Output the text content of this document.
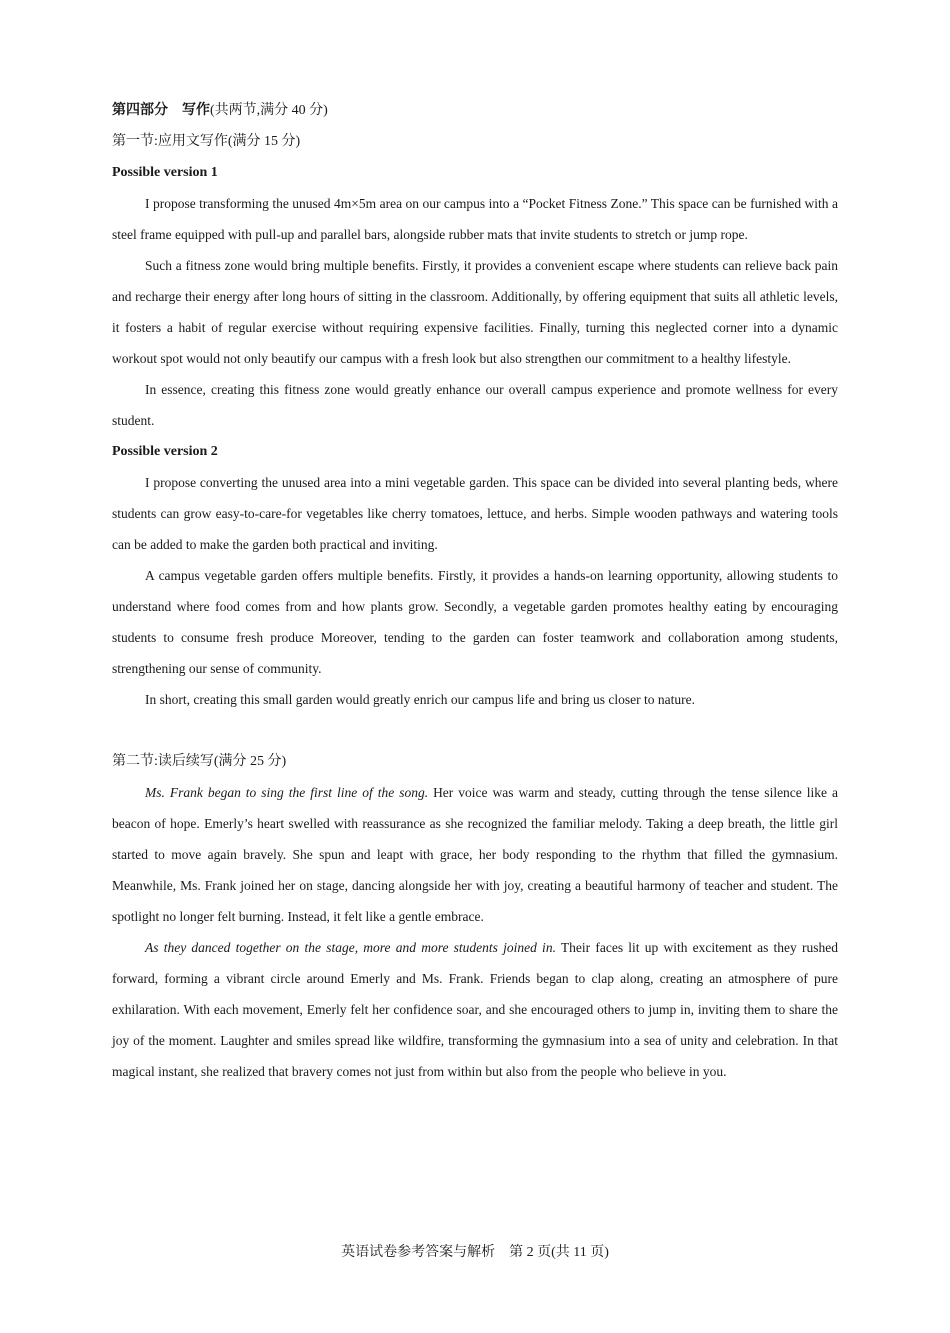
第四部分　写作(共两节,满分 40 分)
第一节:应用文写作(满分 15 分)
Possible version 1

I propose transforming the unused 4m×5m area on our campus into a “Pocket Fitness Zone.” This space can be furnished with a steel frame equipped with pull-up and parallel bars, alongside rubber mats that invite students to stretch or jump rope.

Such a fitness zone would bring multiple benefits. Firstly, it provides a convenient escape where students can relieve back pain and recharge their energy after long hours of sitting in the classroom. Additionally, by offering equipment that suits all athletic levels, it fosters a habit of regular exercise without requiring expensive facilities. Finally, turning this neglected corner into a dynamic workout spot would not only beautify our campus with a fresh look but also strengthen our commitment to a healthy lifestyle.

In essence, creating this fitness zone would greatly enhance our overall campus experience and promote wellness for every student.

Possible version 2

I propose converting the unused area into a mini vegetable garden. This space can be divided into several planting beds, where students can grow easy-to-care-for vegetables like cherry tomatoes, lettuce, and herbs. Simple wooden pathways and watering tools can be added to make the garden both practical and inviting.

A campus vegetable garden offers multiple benefits. Firstly, it provides a hands-on learning opportunity, allowing students to understand where food comes from and how plants grow. Secondly, a vegetable garden promotes healthy eating by encouraging students to consume fresh produce Moreover, tending to the garden can foster teamwork and collaboration among students, strengthening our sense of community.

In short, creating this small garden would greatly enrich our campus life and bring us closer to nature.

第二节:读后续写(满分 25 分)

Ms. Frank began to sing the first line of the song. Her voice was warm and steady, cutting through the tense silence like a beacon of hope. Emerly’s heart swelled with reassurance as she recognized the familiar melody. Taking a deep breath, the little girl started to move again bravely. She spun and leapt with grace, her body responding to the rhythm that filled the gymnasium. Meanwhile, Ms. Frank joined her on stage, dancing alongside her with joy, creating a beautiful harmony of teacher and student. The spotlight no longer felt burning. Instead, it felt like a gentle embrace.

As they danced together on the stage, more and more students joined in. Their faces lit up with excitement as they rushed forward, forming a vibrant circle around Emerly and Ms. Frank. Friends began to clap along, creating an atmosphere of pure exhilaration. With each movement, Emerly felt her confidence soar, and she encouraged others to jump in, inviting them to share the joy of the moment. Laughter and smiles spread like wildfire, transforming the gymnasium into a sea of unity and celebration. In that magical instant, she realized that bravery comes not just from within but also from the people who believe in you.

英语试卷参考答案与解析　第 2 页(共 11 页)
